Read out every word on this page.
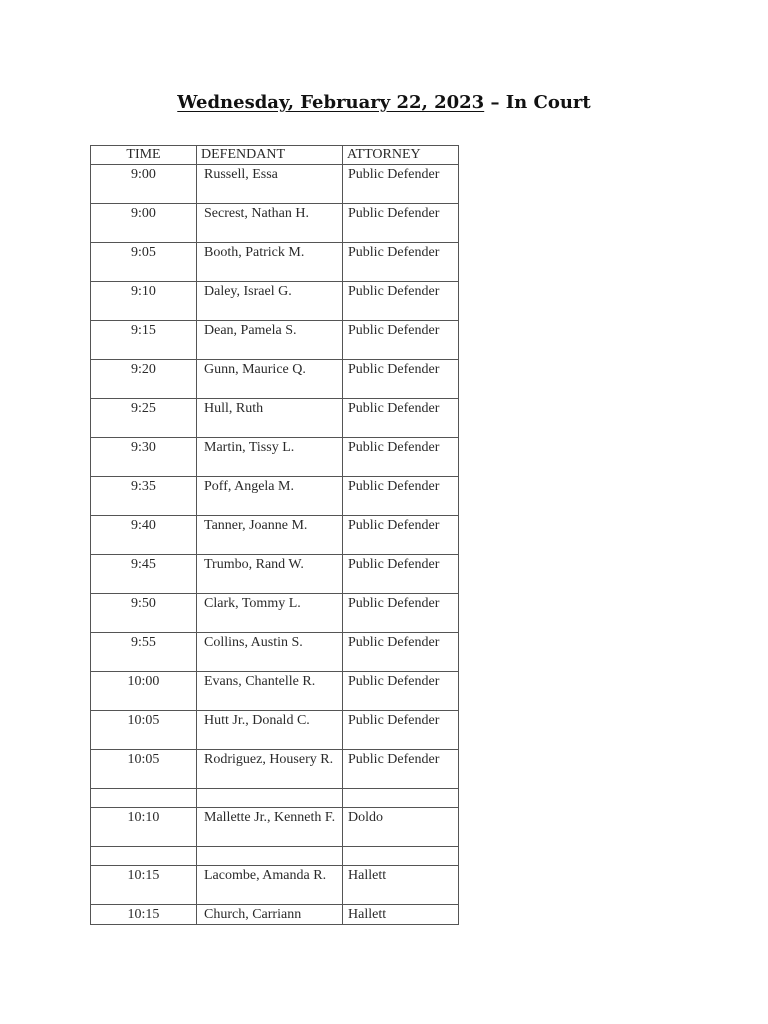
Wednesday, February 22, 2023 – In Court
TIME	DEFENDANT	ATTORNEY
9:00	Russell, Essa	Public Defender
9:00	Secrest, Nathan H.	Public Defender
9:05	Booth, Patrick M.	Public Defender
9:10	Daley, Israel G.	Public Defender
9:15	Dean, Pamela S.	Public Defender
9:20	Gunn, Maurice Q.	Public Defender
9:25	Hull, Ruth	Public Defender
9:30	Martin, Tissy L.	Public Defender
9:35	Poff, Angela M.	Public Defender
9:40	Tanner, Joanne M.	Public Defender
9:45	Trumbo, Rand W.	Public Defender
9:50	Clark, Tommy L.	Public Defender
9:55	Collins, Austin S.	Public Defender
10:00	Evans, Chantelle R.	Public Defender
10:05	Hutt Jr., Donald C.	Public Defender
10:05	Rodriguez, Housery R.	Public Defender

10:10	Mallette Jr., Kenneth F.	Doldo

10:15	Lacombe, Amanda R.	Hallett
10:15	Church, Carriann	Hallett
